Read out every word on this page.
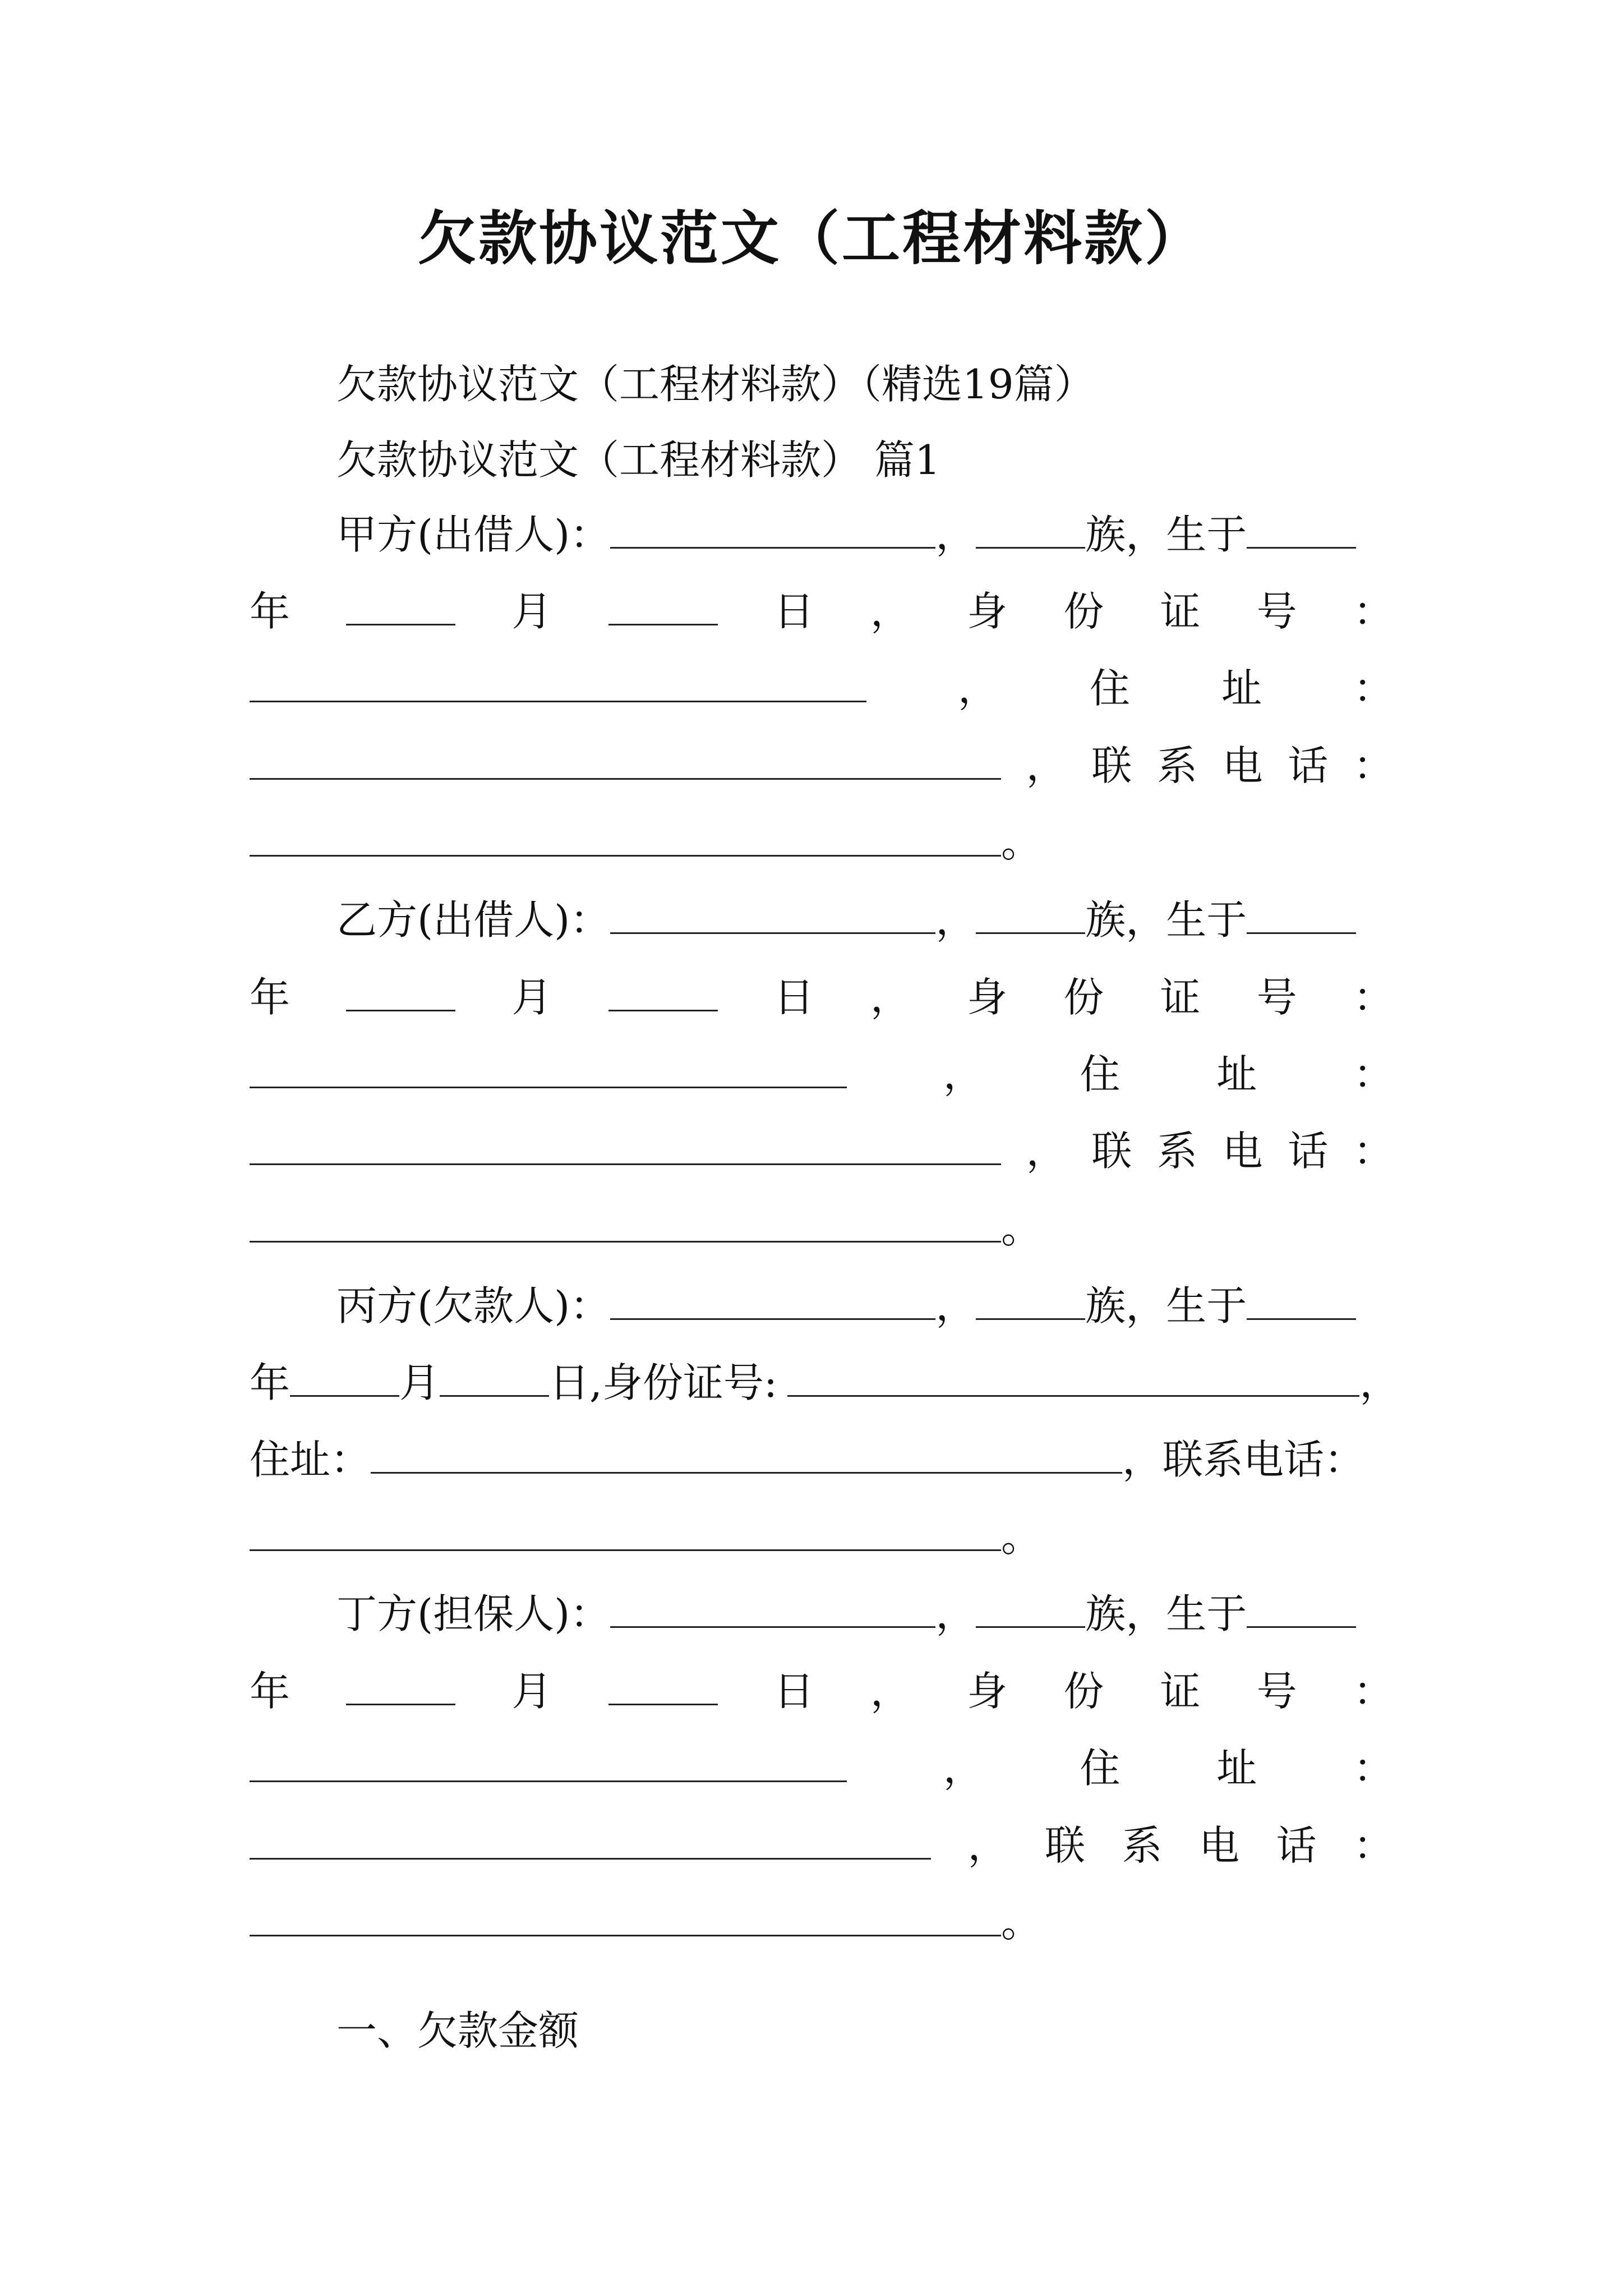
欠款协议范文（工程材料款）
欠款协议范文（工程材料款）（精选19篇）
欠款协议范文（工程材料款） 篇1
甲方(出借人)：	，	族，生于
年	月	日 ， 身 份 证 号 ：
， 住 址 ：
， 联 系 电 话 ：
。
乙方(出借人)：	，	族，生于
年	月	日 ， 身 份 证 号 ：
， 住 址 ：
， 联 系 电 话 ：
。
丙方(欠款人)：	，	族，生于
年	月	日,身份证号:	，
住址：	，联系电话：
。
丁方(担保人)：	，	族，生于
年	月	日 ， 身 份 证 号 ：
， 住 址 ：
， 联 系 电 话 ：
。
一、欠款金额
